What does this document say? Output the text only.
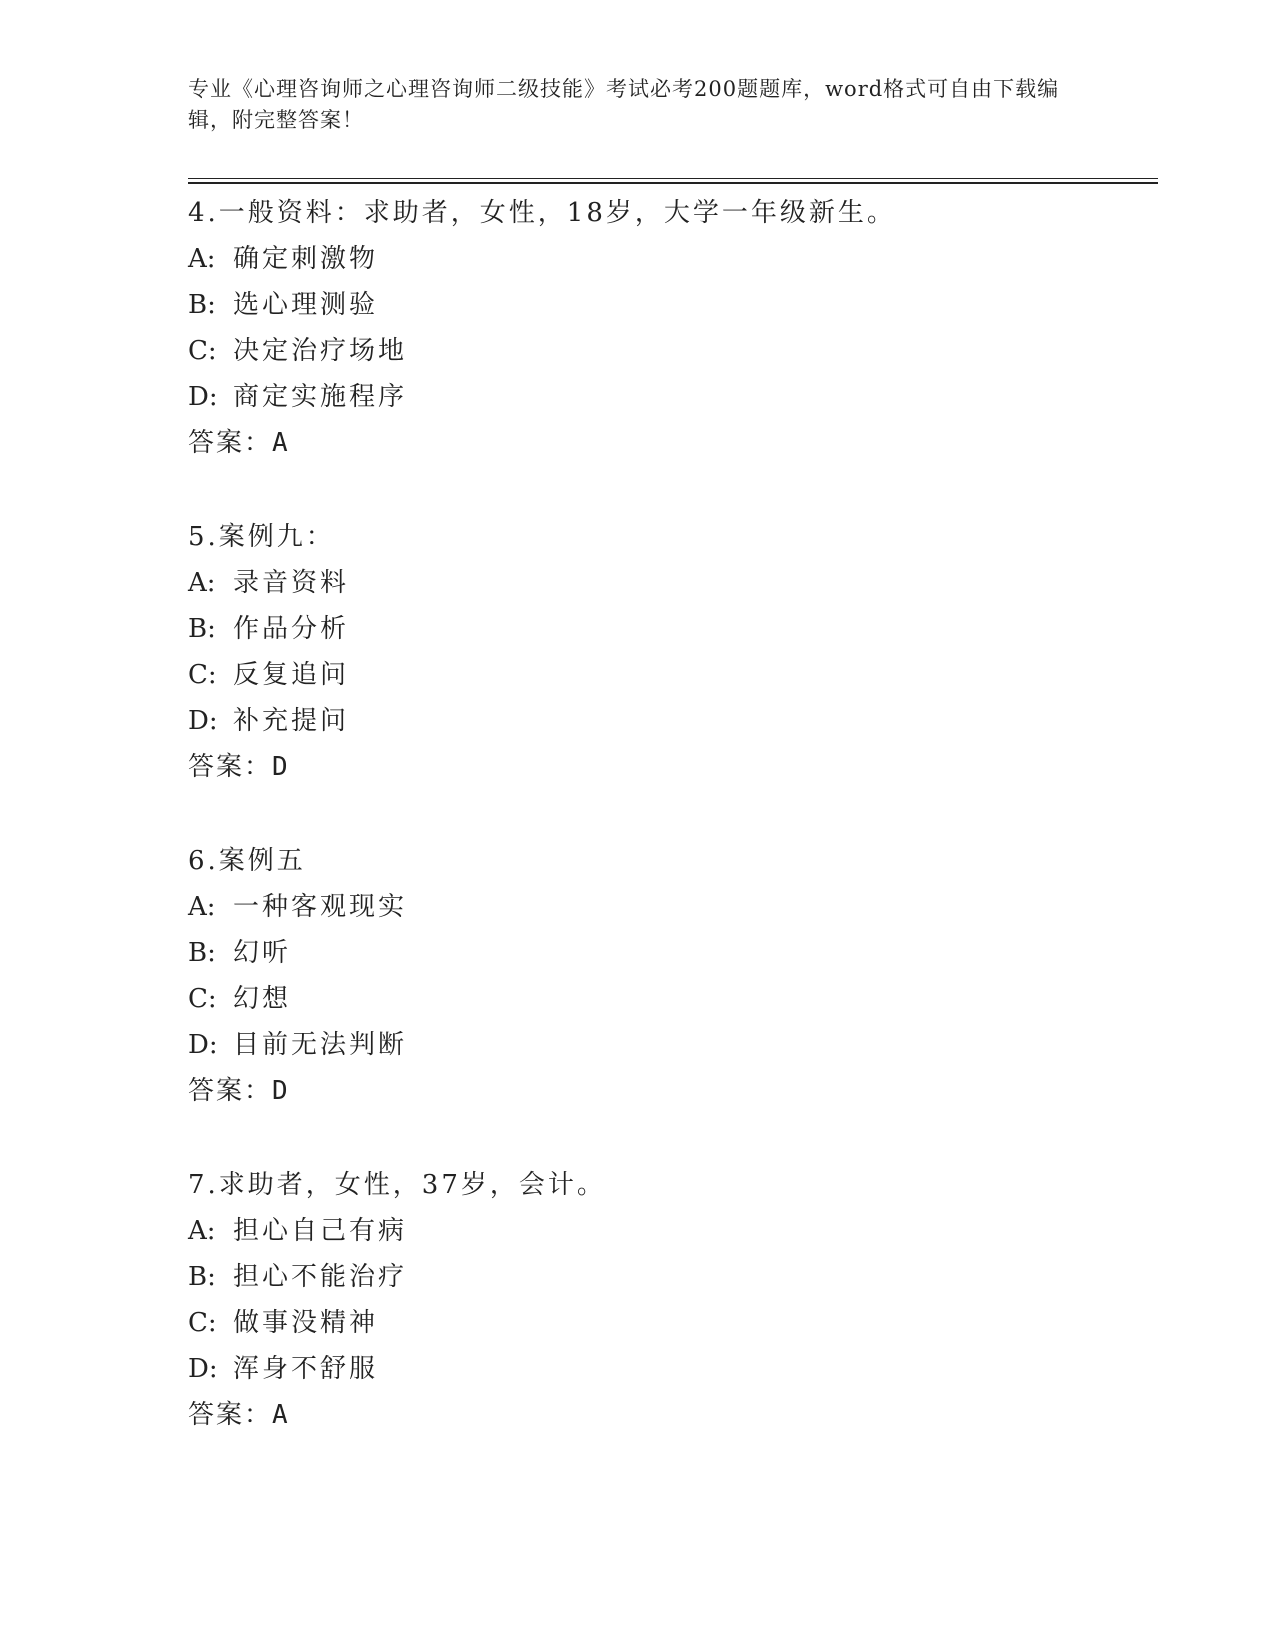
专业《心理咨询师之心理咨询师二级技能》考试必考200题题库，word格式可自由下载编辑，附完整答案！
4.一般资料：求助者，女性，18岁，大学一年级新生。
A: 确定刺激物
B: 选心理测验
C: 决定治疗场地
D: 商定实施程序
答案：A
5.案例九：
A: 录音资料
B: 作品分析
C: 反复追问
D: 补充提问
答案：D
6.案例五
A: 一种客观现实
B: 幻听
C: 幻想
D: 目前无法判断
答案：D
7.求助者，女性，37岁，会计。
A: 担心自己有病
B: 担心不能治疗
C: 做事没精神
D: 浑身不舒服
答案：A
